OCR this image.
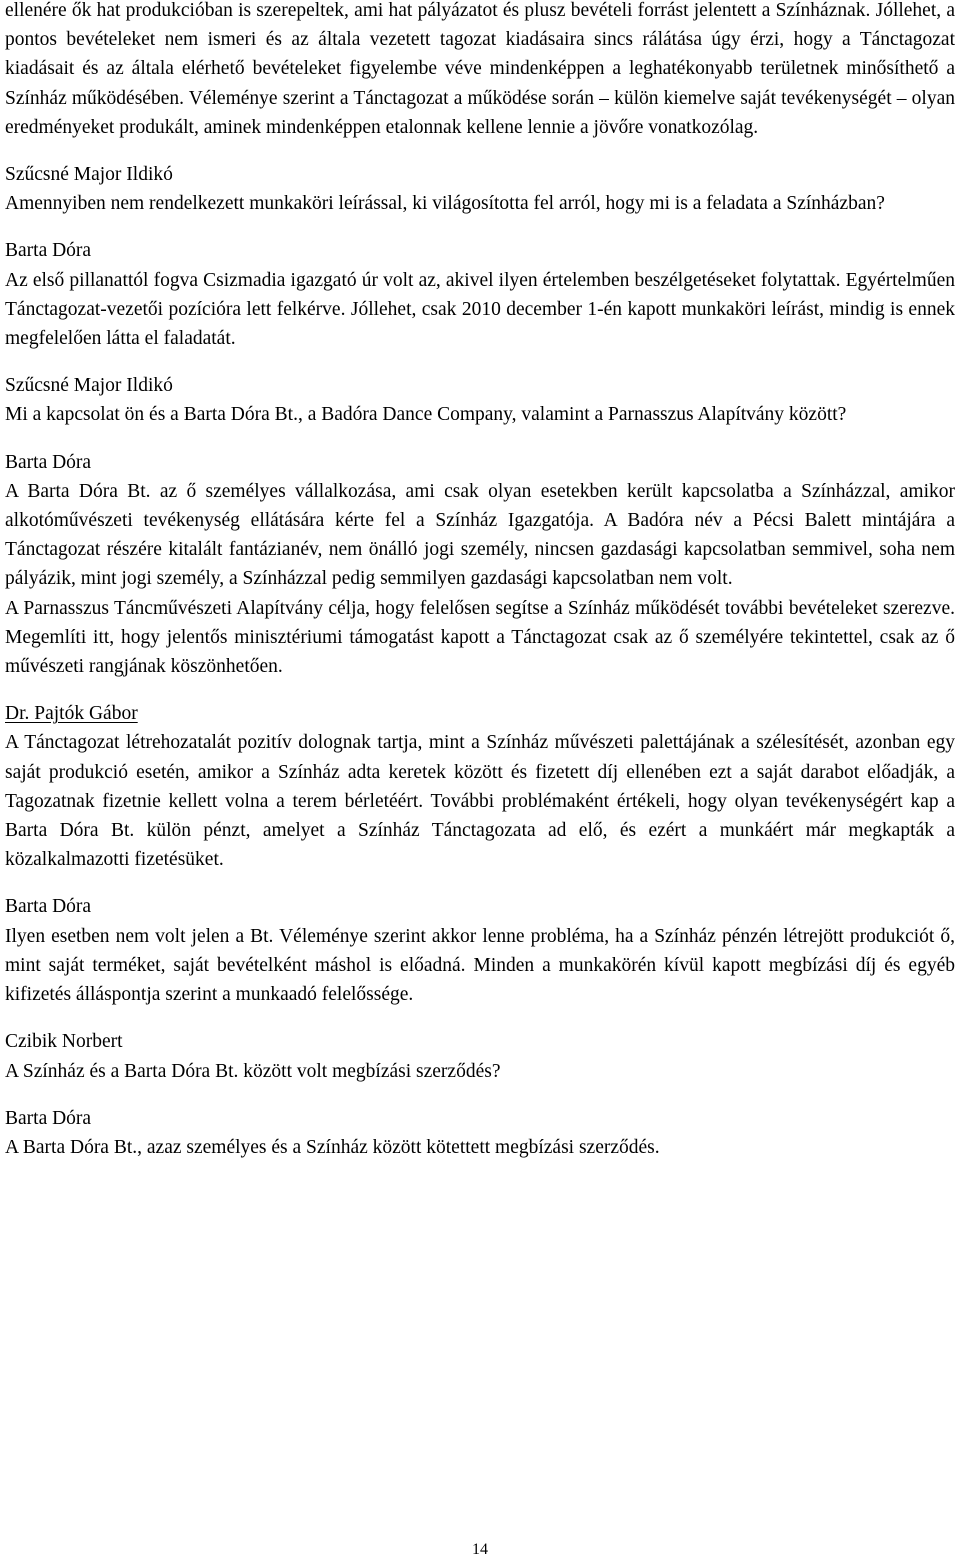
ellenére ők hat produkcióban is szerepeltek, ami hat pályázatot és plusz bevételi forrást jelentett a Színháznak. Jóllehet, a pontos bevételeket nem ismeri és az általa vezetett tagozat kiadásaira sincs rálátása úgy érzi, hogy a Tánctagozat kiadásait és az általa elérhető bevételeket figyelembe véve mindenképpen a leghatékonyabb területnek minősíthető a Színház működésében. Véleménye szerint a Tánctagozat a működése során – külön kiemelve saját tevékenységét – olyan eredményeket produkált, aminek mindenképpen etalonnak kellene lennie a jövőre vonatkozólag.

Szűcsné Major Ildikó
Amennyiben nem rendelkezett munkaköri leírással, ki világosította fel arról, hogy mi is a feladata a Színházban?

Barta Dóra
Az első pillanattól fogva Csizmadia igazgató úr volt az, akivel ilyen értelemben beszélgetéseket folytattak. Egyértelműen Tánctagozat-vezetői pozícióra lett felkérve. Jóllehet, csak 2010 december 1-én kapott munkaköri leírást, mindig is ennek megfelelően látta el faladatát.

Szűcsné Major Ildikó
Mi a kapcsolat ön és a Barta Dóra Bt., a Badóra Dance Company, valamint a Parnasszus Alapítvány között?

Barta Dóra
A Barta Dóra Bt. az ő személyes vállalkozása, ami csak olyan esetekben került kapcsolatba a Színházzal, amikor alkotóművészeti tevékenység ellátására kérte fel a Színház Igazgatója. A Badóra név a Pécsi Balett mintájára a Tánctagozat részére kitalált fantázianév, nem önálló jogi személy, nincsen gazdasági kapcsolatban semmivel, soha nem pályázik, mint jogi személy, a Színházzal pedig semmilyen gazdasági kapcsolatban nem volt.

A Parnasszus Táncművészeti Alapítvány célja, hogy felelősen segítse a Színház működését további bevételeket szerezve. Megemlíti itt, hogy jelentős minisztériumi támogatást kapott a Tánctagozat csak az ő személyére tekintettel, csak az ő művészeti rangjának köszönhetően.

Dr. Pajtók Gábor
A Tánctagozat létrehozatalát pozitív dolognak tartja, mint a Színház művészeti palettájának a szélesítését, azonban egy saját produkció esetén, amikor a Színház adta keretek között és fizetett díj ellenében ezt a saját darabot előadják, a Tagozatnak fizetnie kellett volna a terem bérletéért. További problémaként értékeli, hogy olyan tevékenységért kap a Barta Dóra Bt. külön pénzt, amelyet a Színház Tánctagozata ad elő, és ezért a munkáért már megkapták a közalkalmazotti fizetésüket.

Barta Dóra
Ilyen esetben nem volt jelen a Bt. Véleménye szerint akkor lenne probléma, ha a Színház pénzén létrejött produkciót ő, mint saját terméket, saját bevételként máshol is előadná. Minden a munkakörén kívül kapott megbízási díj és egyéb kifizetés álláspontja szerint a munkaadó felelőssége.

Czibik Norbert
A Színház és a Barta Dóra Bt. között volt megbízási szerződés?

Barta Dóra
A Barta Dóra Bt., azaz személyes és a Színház között kötettett megbízási szerződés.

14
